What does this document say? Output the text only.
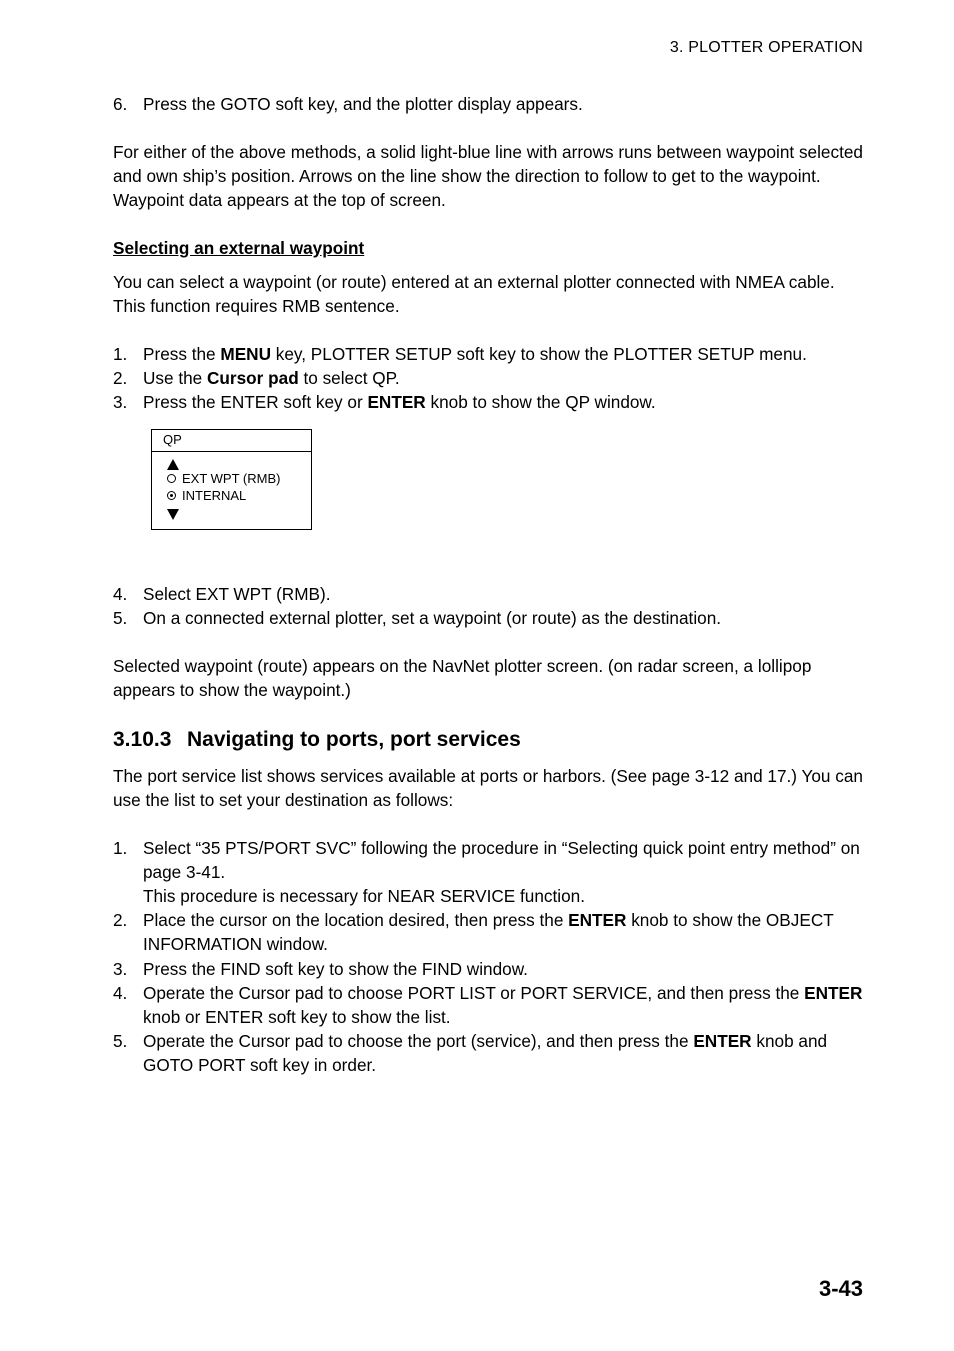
3. PLOTTER OPERATION
6. Press the GOTO soft key, and the plotter display appears.

For either of the above methods, a solid light-blue line with arrows runs between waypoint selected and own ship’s position. Arrows on the line show the direction to follow to get to the waypoint. Waypoint data appears at the top of screen.

Selecting an external waypoint

You can select a waypoint (or route) entered at an external plotter connected with NMEA cable. This function requires RMB sentence.

1. Press the MENU key, PLOTTER SETUP soft key to show the PLOTTER SETUP menu.
2. Use the Cursor pad to select QP.
3. Press the ENTER soft key or ENTER knob to show the QP window.
QP
EXT WPT (RMB)
INTERNAL
4. Select EXT WPT (RMB).
5. On a connected external plotter, set a waypoint (or route) as the destination.

Selected waypoint (route) appears on the NavNet plotter screen. (on radar screen, a lollipop appears to show the waypoint.)

3.10.3 Navigating to ports, port services

The port service list shows services available at ports or harbors. (See page 3-12 and 17.) You can use the list to set your destination as follows:

1. Select “35 PTS/PORT SVC” following the procedure in “Selecting quick point entry method” on page 3-41.
This procedure is necessary for NEAR SERVICE function.
2. Place the cursor on the location desired, then press the ENTER knob to show the OBJECT INFORMATION window.
3. Press the FIND soft key to show the FIND window.
4. Operate the Cursor pad to choose PORT LIST or PORT SERVICE, and then press the ENTER knob or ENTER soft key to show the list.
5. Operate the Cursor pad to choose the port (service), and then press the ENTER knob and GOTO PORT soft key in order.
3-43
